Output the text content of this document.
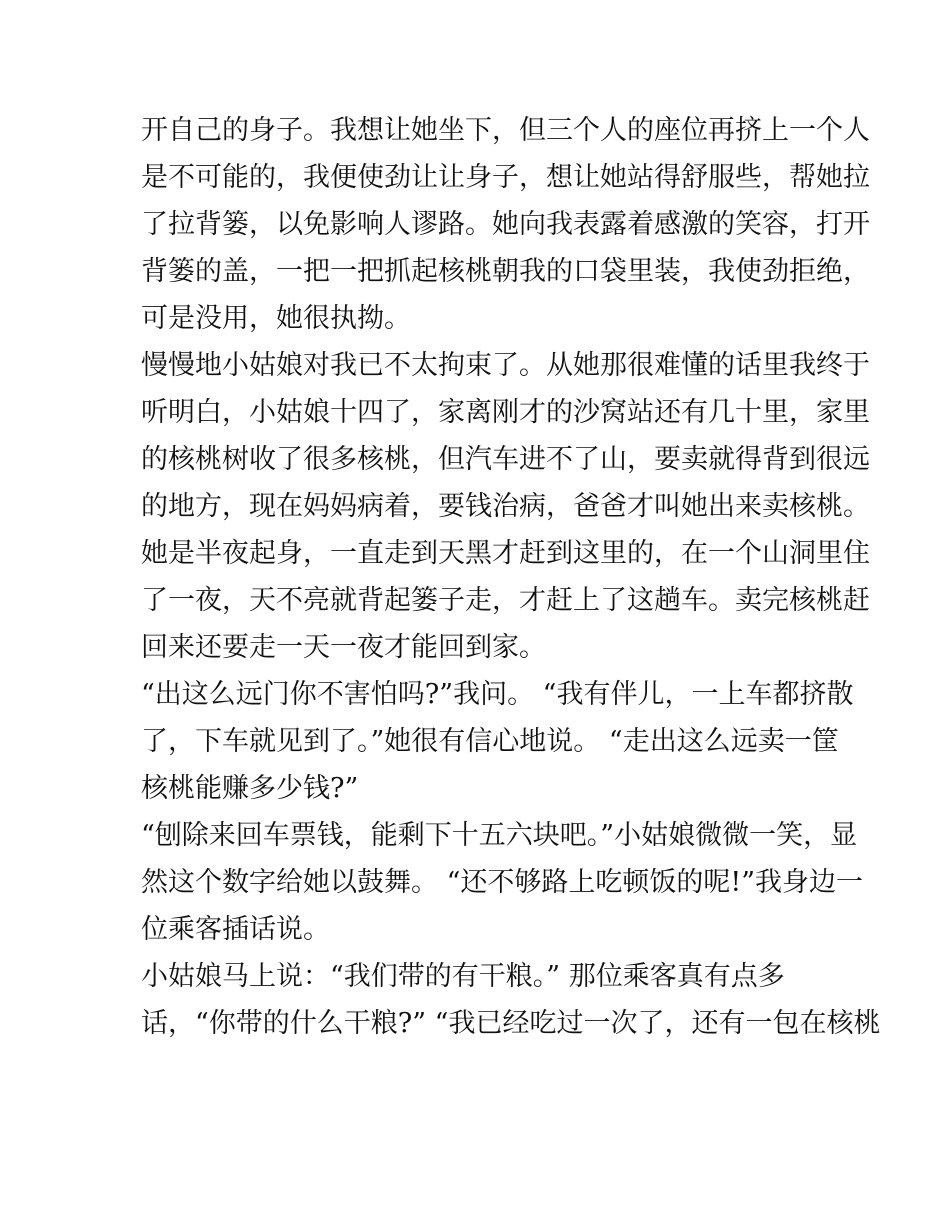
开自己的身子。我想让她坐下，但三个人的座位再挤上一个人
是不可能的，我便使劲让让身子，想让她站得舒服些，帮她拉
了拉背篓，以免影响人谬路。她向我表露着感激的笑容，打开
背篓的盖，一把一把抓起核桃朝我的口袋里装，我使劲拒绝，
可是没用，她很执拗。
慢慢地小姑娘对我已不太拘束了。从她那很难懂的话里我终于
听明白，小姑娘十四了，家离刚才的沙窝站还有几十里，家里
的核桃树收了很多核桃，但汽车进不了山，要卖就得背到很远
的地方，现在妈妈病着，要钱治病，爸爸才叫她出来卖核桃。
她是半夜起身，一直走到天黑才赶到这里的，在一个山洞里住
了一夜，天不亮就背起篓子走，才赶上了这趟车。卖完核桃赶
回来还要走一天一夜才能回到家。
“出这么远门你不害怕吗?”我问。 “我有伴儿，一上车都挤散
了，下车就见到了。”她很有信心地说。 “走出这么远卖一筐
核桃能赚多少钱?”
“刨除来回车票钱，能剩下十五六块吧。”小姑娘微微一笑，显
然这个数字给她以鼓舞。 “还不够路上吃顿饭的呢!”我身边一
位乘客插话说。
小姑娘马上说：“我们带的有干粮。” 那位乘客真有点多
话，“你带的什么干粮?” “我已经吃过一次了，还有一包在核桃
